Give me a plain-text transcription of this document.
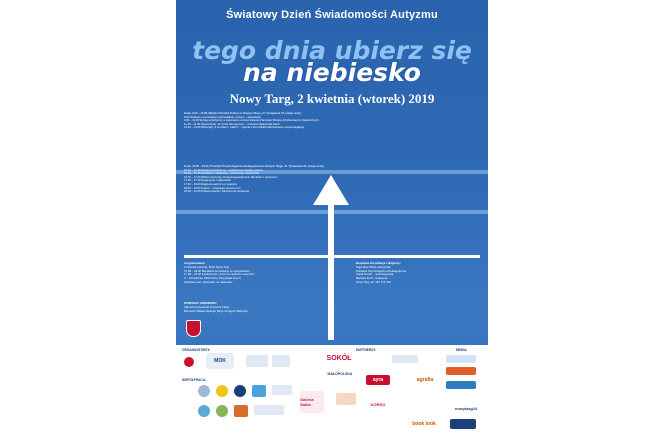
Światowy Dzień Świadomości Autyzmu
tego dnia ubierz się
na niebiesko
Nowy Targ, 2 kwietnia (wtorek) 2019
Godz. 9.00 – 13.00, Miejski Ośrodek Kultury w Nowym Targu, Al. Tysiąclecia 37, wstęp wolny
9.00 Otwarcie i prezentacja multimedialna „Autyzm – akceptacja”
9.30 – 11.00 Występ artystyczny w wykonaniu uczniów Zespołu Placówek Szkolno-Wychowawczo-Opiekuńczych
11.15 – 11.45 Rozpoczęcie „W rytmie dla autyzmu” – ruchowa zabawa dla dzieci
12.00 – 13.00 Warsztaty „Z umysłem i ciałem” – zajęcia z komunikacji alternatywnej i wspomagającej
Godz. 13.00 – 19.00, Poradnia Psychologiczno-Pedagogiczna w Nowym Targu, Al. Tysiąclecia 35, wstęp wolny
15.00 – 15.30 Otwarcie konferencji – podstawowe aspekty prawne
15.30 – 16.15 Spotkanie z terapeutą – prezentacja metod pracy
16.15 – 17.00 Wokół znaczenia „Terapia logopedyczna” dla dzieci z autyzmem
17.00 – 17.30 Sesja pytań i odpowiedzi
17.30 – 18.00 Diagnoza autyzmu w praktyce
18.00 – 18.30 Autyzm – integracja sensoryczna
18.30 – 19.00 Podsumowanie i zakończenie spotkania
Zorganizowane:
2 kwietnia (wtorek), MOK Nowy Targ
17.00 – 18.00 Bezpłatne konsultacje ze specjalistami
17.00 – 19.00 Konferencja „Uczeń ze spektrum autyzmu”
3 – 10 kwietnia, MOK Nowy Targ (Hala Foyer)
Wystawa prac „Wszystko na niebiesko”
Bezpłatne konsultacje i diagnozy:
Olga Wierzbicka-Jachymiak
Poradnia Psychologiczno-Pedagogiczna
Aneta Koziel – neurologopeda
Barbara Kroll – terapeuta
Nowy Targ, tel. 187 274 700
PATRONAT HONOROWY:
Starosta Nowotarski Krzysztof Faber
Burmistrz Miasta Nowego Targu Grzegorz Watycha
ORGANIZATORZY:	PARTNERZY:	MEDIA:
WSPÓŁPRACA:
MOK	SOKÓŁ
MAŁOPOLSKA
ayra
Galeria Satka
agrafia
KORSO
book look
nowytarg24
